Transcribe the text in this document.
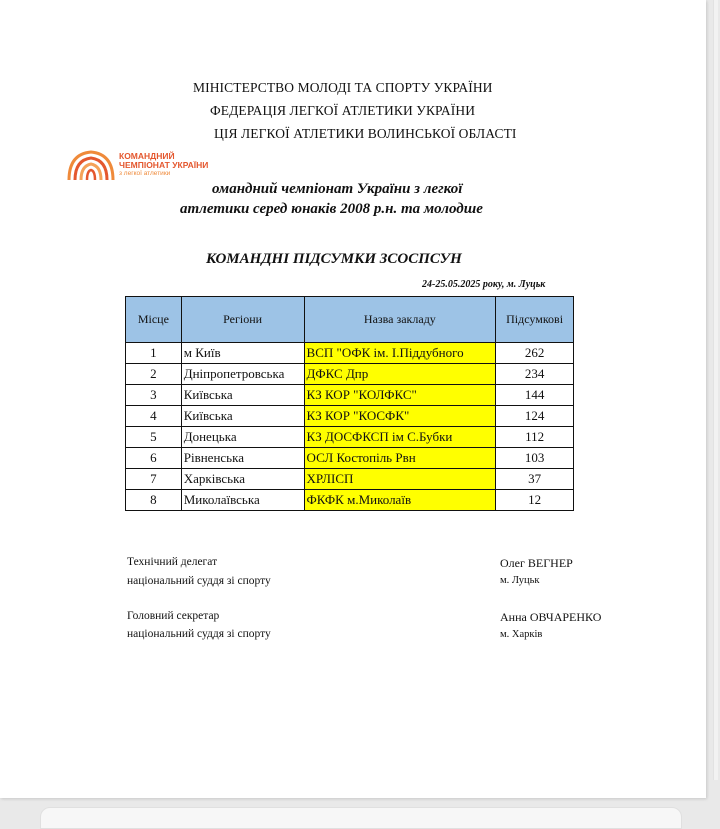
МІНІСТЕРСТВО МОЛОДІ ТА СПОРТУ УКРАЇНИ
ФЕДЕРАЦІЯ ЛЕГКОЇ АТЛЕТИКИ УКРАЇНИ
ЦІЯ ЛЕГКОЇ АТЛЕТИКИ ВОЛИНСЬКОЇ ОБЛАСТІ
КОМАНДНИЙ
ЧЕМПІОНАТ УКРАЇНИ
з легкої атлетики
омандний чемпіонат України з легкої
атлетики серед юнаків 2008 р.н. та молодше
КОМАНДНІ ПІДСУМКИ ЗСОСПСУН
24-25.05.2025 року, м. Луцьк
Місце	Регіони	Назва закладу	Підсумкові
1	м Київ	ВСП "ОФК ім. І.Піддубного	262
2	Дніпропетровська	ДФКС Дпр	234
3	Київська	КЗ КОР "КОЛФКС"	144
4	Київська	КЗ КОР "КОСФК"	124
5	Донецька	КЗ ДОСФКСП ім С.Бубки	112
6	Рівненська	ОСЛ Костопіль Рвн	103
7	Харківська	ХРЛІСП	37
8	Миколаївська	ФКФК м.Миколаїв	12
Технічний делегат
національний суддя зі спорту
Олег ВЕГНЕР
м. Луцьк
Головний секретар
національний суддя зі спорту
Анна ОВЧАРЕНКО
м. Харків
